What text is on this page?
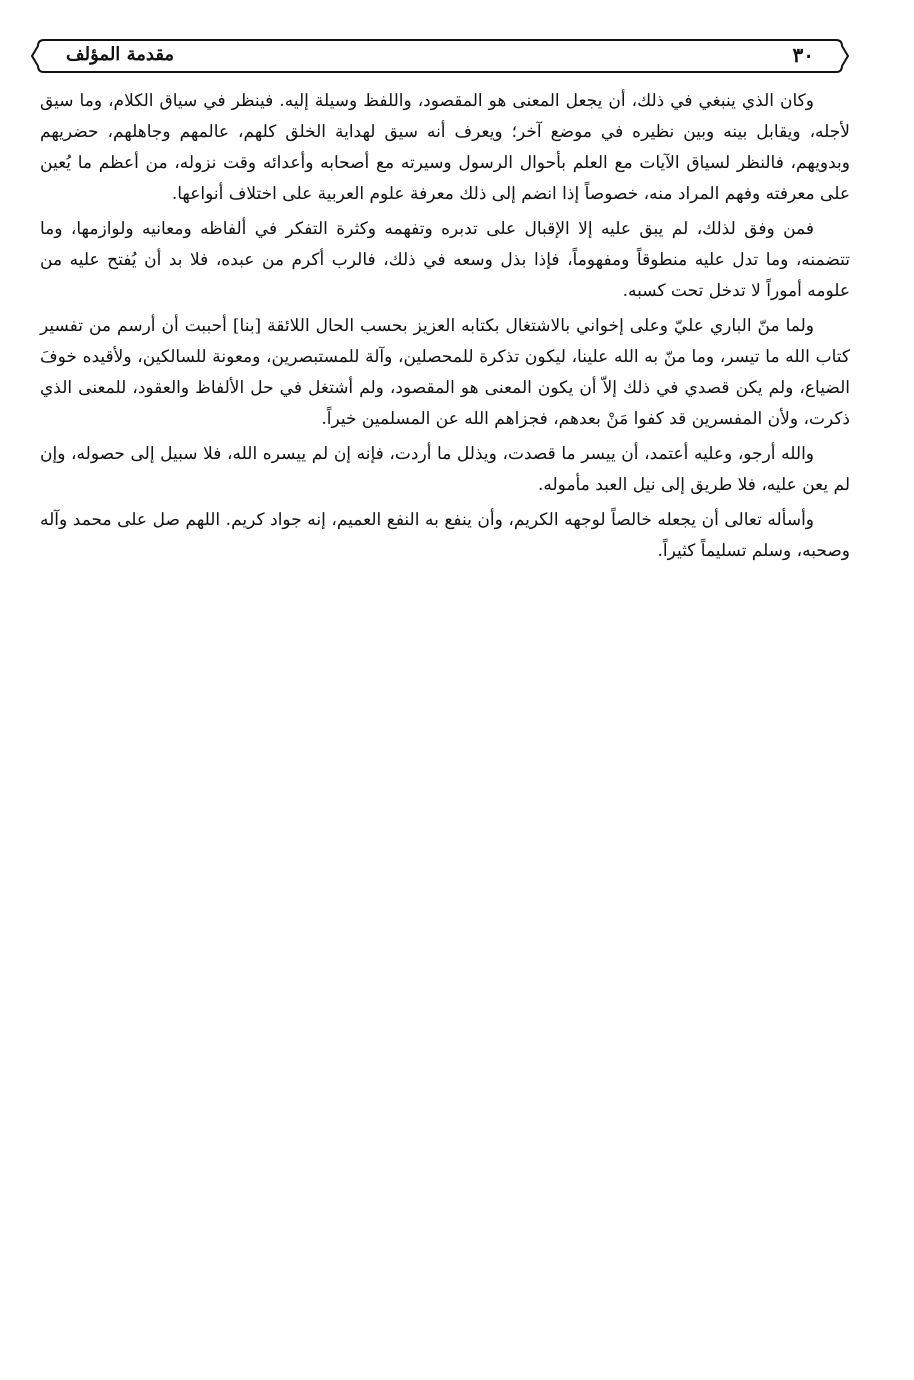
٣٠
مقدمة المؤلف

وكان الذي ينبغي في ذلك، أن يجعل المعنى هو المقصود، واللفظ وسيلة إليه. فينظر في سياق الكلام، وما سيق لأجله، ويقابل بينه وبين نظيره في موضع آخر؛ ويعرف أنه سيق لهداية الخلق كلهم، عالمهم وجاهلهم، حضريهم وبدويهم، فالنظر لسياق الآيات مع العلم بأحوال الرسول وسيرته مع أصحابه وأعدائه وقت نزوله، من أعظم ما يُعين على معرفته وفهم المراد منه، خصوصاً إذا انضم إلى ذلك معرفة علوم العربية على اختلاف أنواعها.

فمن وفق لذلك، لم يبق عليه إلا الإقبال على تدبره وتفهمه وكثرة التفكر في ألفاظه ومعانيه ولوازمها، وما تتضمنه، وما تدل عليه منطوقاً ومفهوماً، فإذا بذل وسعه في ذلك، فالرب أكرم من عبده، فلا بد أن يُفتح عليه من علومه أموراً لا تدخل تحت كسبه.

ولما منّ الباري عليّ وعلى إخواني بالاشتغال بكتابه العزيز بحسب الحال اللائقة [بنا] أحببت أن أرسم من تفسير كتاب الله ما تيسر، وما منّ به الله علينا، ليكون تذكرة للمحصلين، وآلة للمستبصرين، ومعونة للسالكين، ولأقيده خوفَ الضياع، ولم يكن قصدي في ذلك إلاّ أن يكون المعنى هو المقصود، ولم أشتغل في حل الألفاظ والعقود، للمعنى الذي ذكرت، ولأن المفسرين قد كفوا مَنْ بعدهم، فجزاهم الله عن المسلمين خيراً.

والله أرجو، وعليه أعتمد، أن ييسر ما قصدت، ويذلل ما أردت، فإنه إن لم ييسره الله، فلا سبيل إلى حصوله، وإن لم يعن عليه، فلا طريق إلى نيل العبد مأموله.

وأسأله تعالى أن يجعله خالصاً لوجهه الكريم، وأن ينفع به النفع العميم، إنه جواد كريم. اللهم صل على محمد وآله وصحبه، وسلم تسليماً كثيراً.
